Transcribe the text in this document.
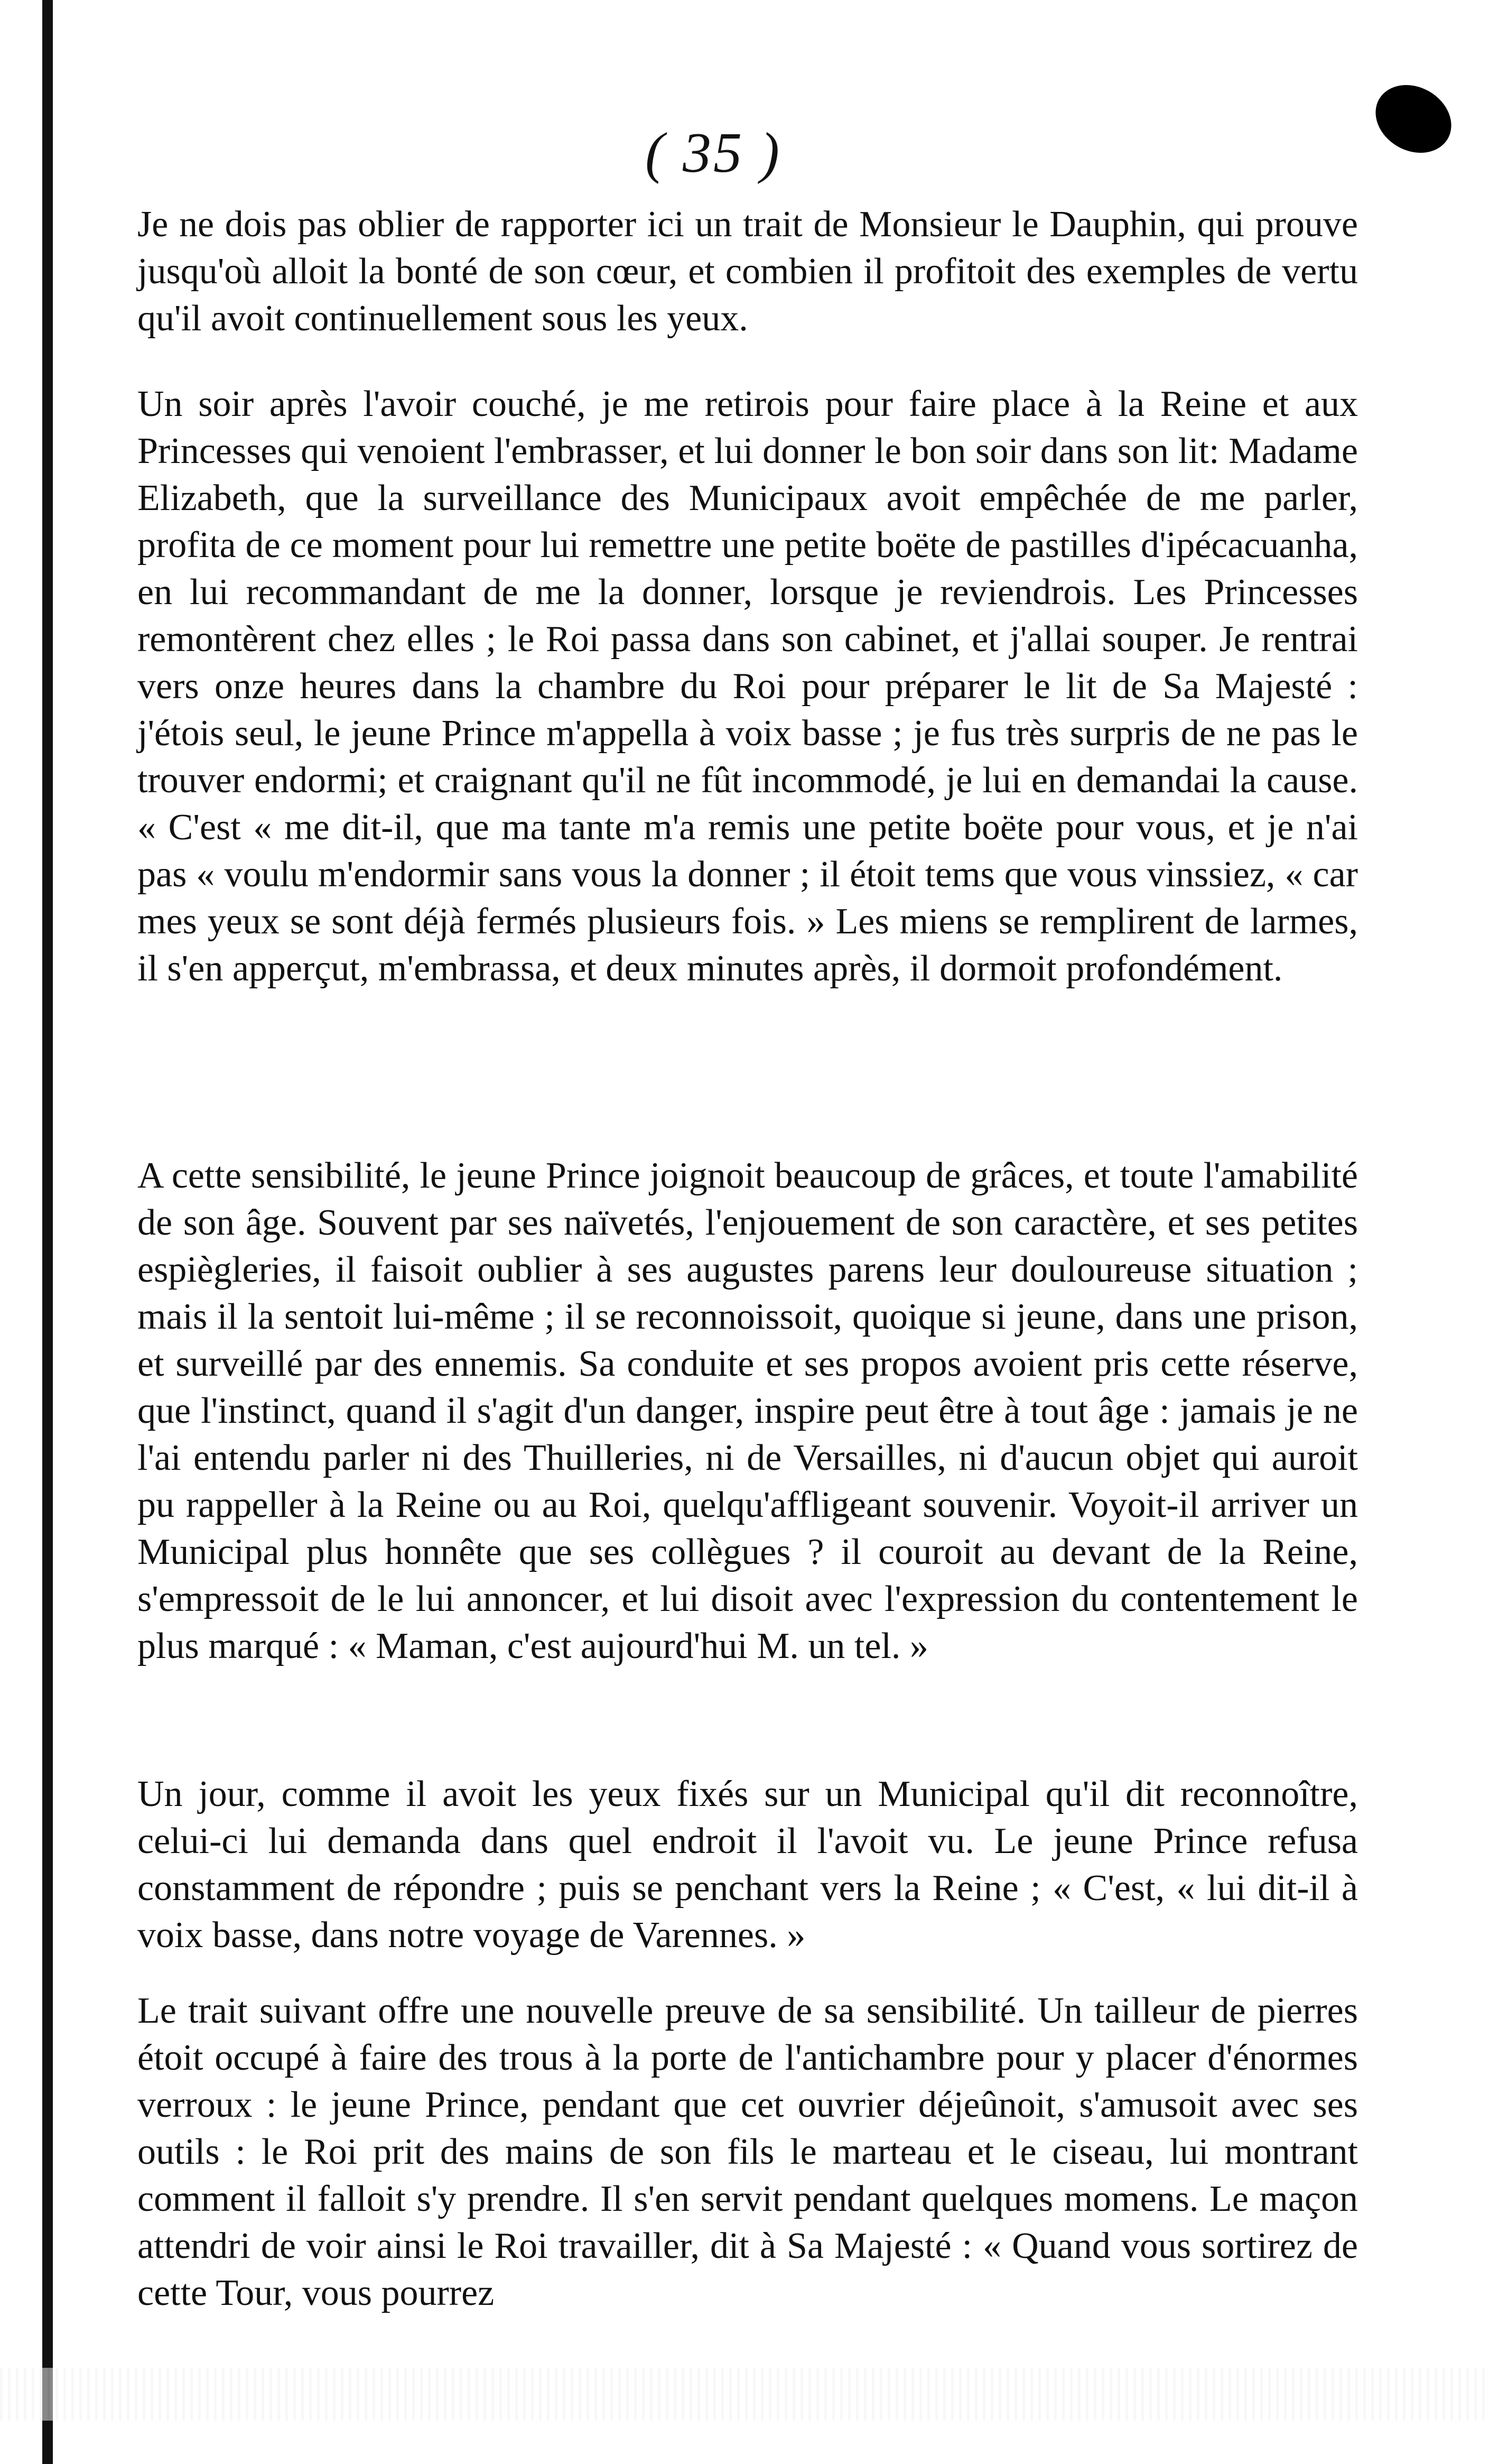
( 35 )

Je ne dois pas oblier de rapporter ici un trait de Monsieur le Dauphin, qui prouve jusqu'où alloit la bonté de son cœur, et combien il profitoit des exemples de vertu qu'il avoit continuellement sous les yeux.

Un soir après l'avoir couché, je me retirois pour faire place à la Reine et aux Princesses qui venoient l'embrasser, et lui donner le bon soir dans son lit: Madame Elizabeth, que la surveillance des Municipaux avoit empêchée de me parler, profita de ce moment pour lui remettre une petite boëte de pastilles d'ipécacuanha, en lui recommandant de me la donner, lorsque je reviendrois. Les Princesses remontèrent chez elles ; le Roi passa dans son cabinet, et j'allai souper. Je rentrai vers onze heures dans la chambre du Roi pour préparer le lit de Sa Majesté : j'étois seul, le jeune Prince m'appella à voix basse ; je fus très surpris de ne pas le trouver endormi; et craignant qu'il ne fût incommodé, je lui en demandai la cause. « C'est « me dit-il, que ma tante m'a remis une petite boëte pour vous, et je n'ai pas « voulu m'endormir sans vous la donner ; il étoit tems que vous vinssiez, « car mes yeux se sont déjà fermés plusieurs fois. » Les miens se remplirent de larmes, il s'en apperçut, m'embrassa, et deux minutes après, il dormoit profondément.

A cette sensibilité, le jeune Prince joignoit beaucoup de grâces, et toute l'amabilité de son âge. Souvent par ses naïvetés, l'enjouement de son caractère, et ses petites espiègleries, il faisoit oublier à ses augustes parens leur douloureuse situation ; mais il la sentoit lui-même ; il se reconnoissoit, quoique si jeune, dans une prison, et surveillé par des ennemis. Sa conduite et ses propos avoient pris cette réserve, que l'instinct, quand il s'agit d'un danger, inspire peut être à tout âge : jamais je ne l'ai entendu parler ni des Thuilleries, ni de Versailles, ni d'aucun objet qui auroit pu rappeller à la Reine ou au Roi, quelqu'affligeant souvenir. Voyoit-il arriver un Municipal plus honnête que ses collègues ? il couroit au devant de la Reine, s'empressoit de le lui annoncer, et lui disoit avec l'expression du contentement le plus marqué : « Maman, c'est aujourd'hui M. un tel. »

Un jour, comme il avoit les yeux fixés sur un Municipal qu'il dit reconnoître, celui-ci lui demanda dans quel endroit il l'avoit vu. Le jeune Prince refusa constamment de répondre ; puis se penchant vers la Reine ; « C'est, « lui dit-il à voix basse, dans notre voyage de Varennes. »

Le trait suivant offre une nouvelle preuve de sa sensibilité. Un tailleur de pierres étoit occupé à faire des trous à la porte de l'antichambre pour y placer d'énormes verroux : le jeune Prince, pendant que cet ouvrier déjeûnoit, s'amusoit avec ses outils : le Roi prit des mains de son fils le marteau et le ciseau, lui montrant comment il falloit s'y prendre. Il s'en servit pendant quelques momens. Le maçon attendri de voir ainsi le Roi travailler, dit à Sa Majesté : « Quand vous sortirez de cette Tour, vous pourrez
